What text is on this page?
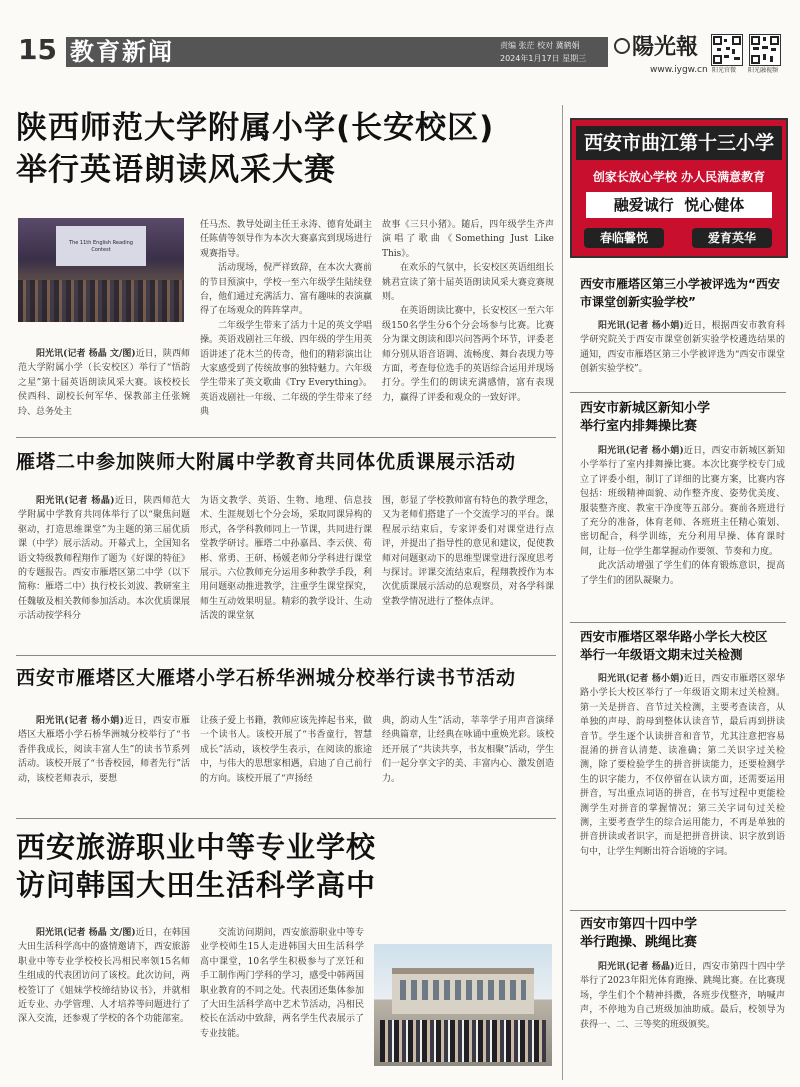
15 教育新闻	责编 张茫 校对 冀鹤娟
2024年1月17日 星期三 陽光報
www.iygw.cn 阳光官微 阳光融视频
陕西师范大学附属小学(长安校区)
举行英语朗读风采大赛
The 11th English Reading Contest

阳光讯(记者 杨晶 文/图)近日，陕西师范大学附属小学（长安校区）举行了“悟韵之星”第十届英语朗读风采大赛。该校校长侯西科、副校长何军华、保教部主任张婉玲、总务处主

任马杰、教导处副主任王永涛、德育处副主任陈倩等领导作为本次大赛嘉宾到现场进行观赛指导。

活动现场，倪严祥致辞，在本次大赛前的节目预演中，学校一至六年级学生陆续登台，他们通过充满活力、富有趣味的表演赢得了在场观众的阵阵掌声。

二年级学生带来了活力十足的英文学唱操。英语戏剧社三年级、四年级的学生用英语讲述了花木兰的传奇，他们的精彩演出让大家感受到了传统故事的独特魅力。六年级学生带来了英文歌曲《Try Everything》。英语戏剧社一年级、二年级的学生带来了经典

故事《三只小猪》。随后，四年级学生齐声演唱了歌曲《Something Just Like This》。

在欢乐的气氛中，长安校区英语组组长姚君宣读了第十届英语朗读风采大赛竞赛规则。

在英语朗读比赛中，长安校区一至六年级150名学生分6个分会场参与比赛。比赛分为课文朗读和即兴问答两个环节，评委老师分别从语音语调、流畅度、舞台表现力等方面，考查每位选手的英语综合运用并现场打分。学生们的朗读充满感情，富有表现力，赢得了评委和观众的一致好评。

雁塔二中参加陕师大附属中学教育共同体优质课展示活动

阳光讯(记者 杨晶)近日，陕西师范大学附属中学教育共同体举行了以“聚焦问题驱动，打造思维课堂”为主题的第三届优质课（中学）展示活动。开幕式上，全国知名语文特级教师程翔作了题为《好课的特征》的专题报告。西安市雁塔区第二中学（以下简称：雁塔二中）执行校长刘波、教研室主任魏敏及相关教师参加活动。本次优质课展示活动按学科分

为语文教学、英语、生物、地理、信息技术、生涯规划七个分会场，采取同课异构的形式，各学科教师同上一节课，共同进行课堂教学研讨。雁塔二中孙嘉昌、李云侠、荀彬、常勇、王研、杨媛老师分学科进行课堂展示。六位教师充分运用多种教学手段，利用问题驱动推进教学，注重学生课堂探究，师生互动效果明显。精彩的教学设计、生动活泼的课堂氛

围，彰显了学校教师富有特色的教学理念，又为老师们搭建了一个交流学习的平台。课程展示结束后，专家评委们对课堂进行点评，并提出了指导性的意见和建议，促使教师对问题驱动下的思维型课堂进行深度思考与探讨。评课交流结束后，程翔教授作为本次优质课展示活动的总观察员，对各学科课堂教学情况进行了整体点评。

西安市雁塔区大雁塔小学石桥华洲城分校举行读书节活动

阳光讯(记者 杨小娟)近日，西安市雁塔区大雁塔小学石桥华洲城分校举行了“书香伴我成长，阅读丰富人生”的读书节系列活动。该校开展了“书香校园，师者先行”活动，该校老师表示，要想

让孩子爱上书籍，教师应该先捧起书来，做一个读书人。该校开展了“书香童行，智慧成长”活动，该校学生表示，在阅读的旅途中，与伟大的思想家相遇，启迪了自己前行的方向。该校开展了“声扬经

典，韵动人生”活动，莘莘学子用声音演绎经典篇章，让经典在咏诵中重焕光彩。该校还开展了“共读共享，书友相聚”活动，学生们一起分享文字的美、丰富内心、激发创造力。

西安旅游职业中等专业学校
访问韩国大田生活科学高中

阳光讯(记者 杨晶 文/图)近日，在韩国大田生活科学高中的盛情邀请下，西安旅游职业中等专业学校校长冯相民率领15名师生组成的代表团访问了该校。此次访问，两校签订了《姐妹学校缔结协议书》，并就相近专业、办学管理、人才培养等问题进行了深入交流，还参观了学校的各个功能部室。

交流访问期间，西安旅游职业中等专业学校师生15人走进韩国大田生活科学高中课堂，10名学生积极参与了烹饪和手工制作两门学科的学习，感受中韩两国职业教育的不同之处。代表团还集体参加了大田生活科学高中艺术节活动，冯相民校长在活动中致辞，两名学生代表展示了专业技能。

西安市曲江第十三小学
创家长放心学校 办人民满意教育
融爱诚行  悦心健体
春临馨悦	爱育英华
西安市雁塔区第三小学被评选为“西安市课堂创新实验学校”

阳光讯(记者 杨小娟)近日，根据西安市教育科学研究院关于西安市课堂创新实验学校遴选结果的通知，西安市雁塔区第三小学被评选为“西安市课堂创新实验学校”。

西安市新城区新知小学
举行室内排舞操比赛

阳光讯(记者 杨小娟)近日，西安市新城区新知小学举行了室内排舞操比赛。本次比赛学校专门成立了评委小组，制订了详细的比赛方案，比赛内容包括：班级精神面貌、动作整齐度、姿势优美度、服装整齐度、教室干净度等五部分。赛前各班进行了充分的准备，体育老师、各班班主任精心策划、密切配合，科学训练，充分利用早操、体育课时间，让每一位学生都掌握动作要领、节奏和力度。

此次活动增强了学生们的体育锻炼意识，提高了学生们的团队凝聚力。

西安市雁塔区翠华路小学长大校区
举行一年级语文期末过关检测

阳光讯(记者 杨小娟)近日，西安市雁塔区翠华路小学长大校区举行了一年级语文期末过关检测。第一关是拼音、音节过关检测，主要考查读音，从单独的声母、韵母到整体认读音节，最后再到拼读音节。学生逐个认读拼音和音节，尤其注意把容易混淆的拼音认清楚、读准确；第二关识字过关检测，除了要检验学生的拼音拼读能力，还要检测学生的识字能力，不仅停留在认读方面，还需要运用拼音，写出重点词语的拼音，在书写过程中更能检测学生对拼音的掌握情况；第三关字词句过关检测，主要考查学生的综合运用能力，不再是单独的拼音拼读或者识字，而是把拼音拼读、识字放到语句中，让学生判断出符合语境的字词。

西安市第四十四中学
举行跑操、跳绳比赛

阳光讯(记者 杨晶)近日，西安市第四十四中学举行了2023年阳光体育跑操、跳绳比赛。在比赛现场，学生们个个精神抖擞，各班步伐整齐，呐喊声声，不停地为自己班级加油助威。最后，校领导为获得一、二、三等奖的班级颁奖。
